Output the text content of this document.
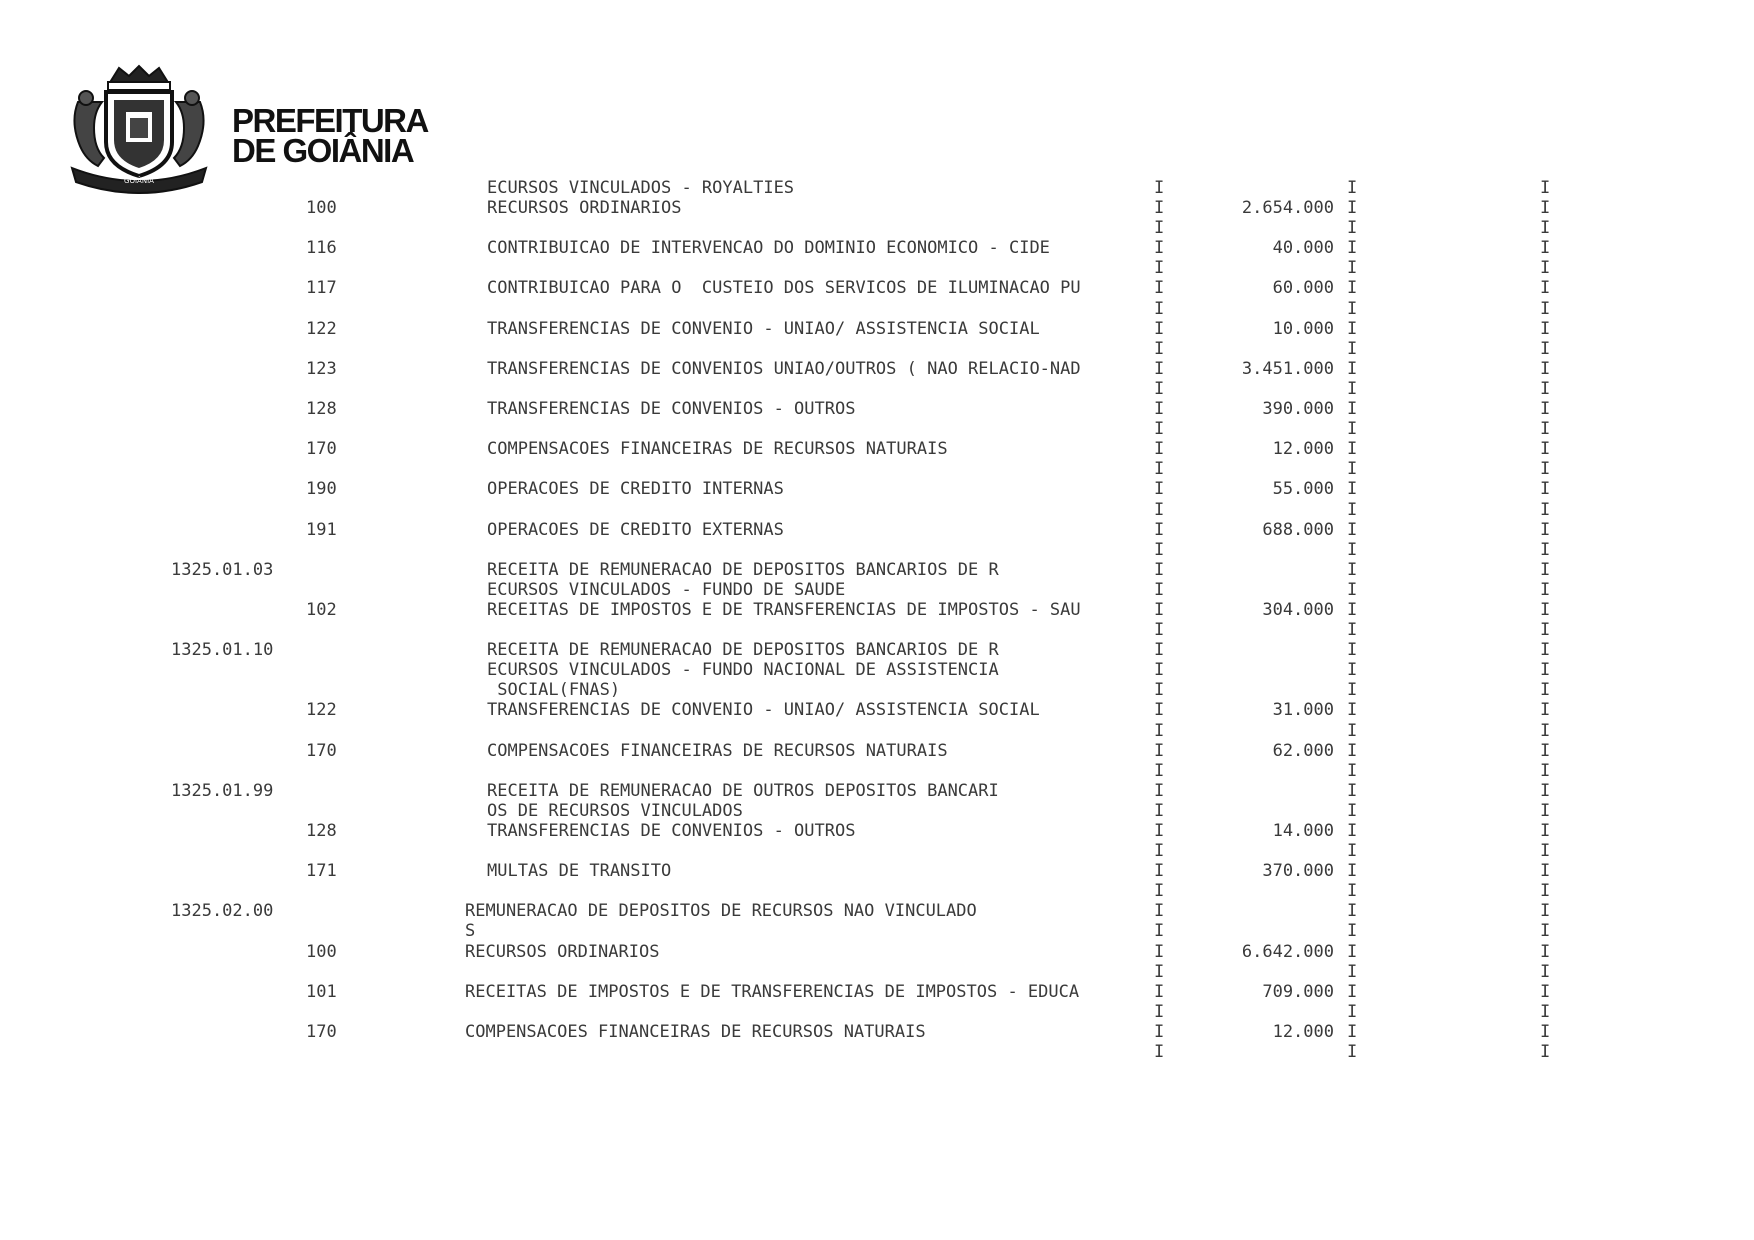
GOIÂNIA
PREFEITURA
DE GOIÂNIA
ECURSOS VINCULADOS - ROYALTIES	I	I	I
100	RECURSOS ORDINARIOS	I	2.654.000 I	I
I	I	I
116	CONTRIBUICAO DE INTERVENCAO DO DOMINIO ECONOMICO - CIDE	I	40.000 I	I
I	I	I
117	CONTRIBUICAO PARA O  CUSTEIO DOS SERVICOS DE ILUMINACAO PU	I	60.000 I	I
I	I	I
122	TRANSFERENCIAS DE CONVENIO - UNIAO/ ASSISTENCIA SOCIAL	I	10.000 I	I
I	I	I
123	TRANSFERENCIAS DE CONVENIOS UNIAO/OUTROS ( NAO RELACIO-NAD	I	3.451.000 I	I
I	I	I
128	TRANSFERENCIAS DE CONVENIOS - OUTROS	I	390.000 I	I
I	I	I
170	COMPENSACOES FINANCEIRAS DE RECURSOS NATURAIS	I	12.000 I	I
I	I	I
190	OPERACOES DE CREDITO INTERNAS	I	55.000 I	I
I	I	I
191	OPERACOES DE CREDITO EXTERNAS	I	688.000 I	I
I	I	I
1325.01.03	RECEITA DE REMUNERACAO DE DEPOSITOS BANCARIOS DE R	I	I	I
ECURSOS VINCULADOS - FUNDO DE SAUDE	I	I	I
102	RECEITAS DE IMPOSTOS E DE TRANSFERENCIAS DE IMPOSTOS - SAU	I	304.000 I	I
I	I	I
1325.01.10	RECEITA DE REMUNERACAO DE DEPOSITOS BANCARIOS DE R	I	I	I
ECURSOS VINCULADOS - FUNDO NACIONAL DE ASSISTENCIA	I	I	I
SOCIAL(FNAS)	I	I	I
122	TRANSFERENCIAS DE CONVENIO - UNIAO/ ASSISTENCIA SOCIAL	I	31.000 I	I
I	I	I
170	COMPENSACOES FINANCEIRAS DE RECURSOS NATURAIS	I	62.000 I	I
I	I	I
1325.01.99	RECEITA DE REMUNERACAO DE OUTROS DEPOSITOS BANCARI	I	I	I
OS DE RECURSOS VINCULADOS	I	I	I
128	TRANSFERENCIAS DE CONVENIOS - OUTROS	I	14.000 I	I
I	I	I
171	MULTAS DE TRANSITO	I	370.000 I	I
I	I	I
1325.02.00	REMUNERACAO DE DEPOSITOS DE RECURSOS NAO VINCULADO	I	I	I
S	I	I	I
100	RECURSOS ORDINARIOS	I	6.642.000 I	I
I	I	I
101	RECEITAS DE IMPOSTOS E DE TRANSFERENCIAS DE IMPOSTOS - EDUCA	I	709.000 I	I
I	I	I
170	COMPENSACOES FINANCEIRAS DE RECURSOS NATURAIS	I	12.000 I	I
I	I	I
